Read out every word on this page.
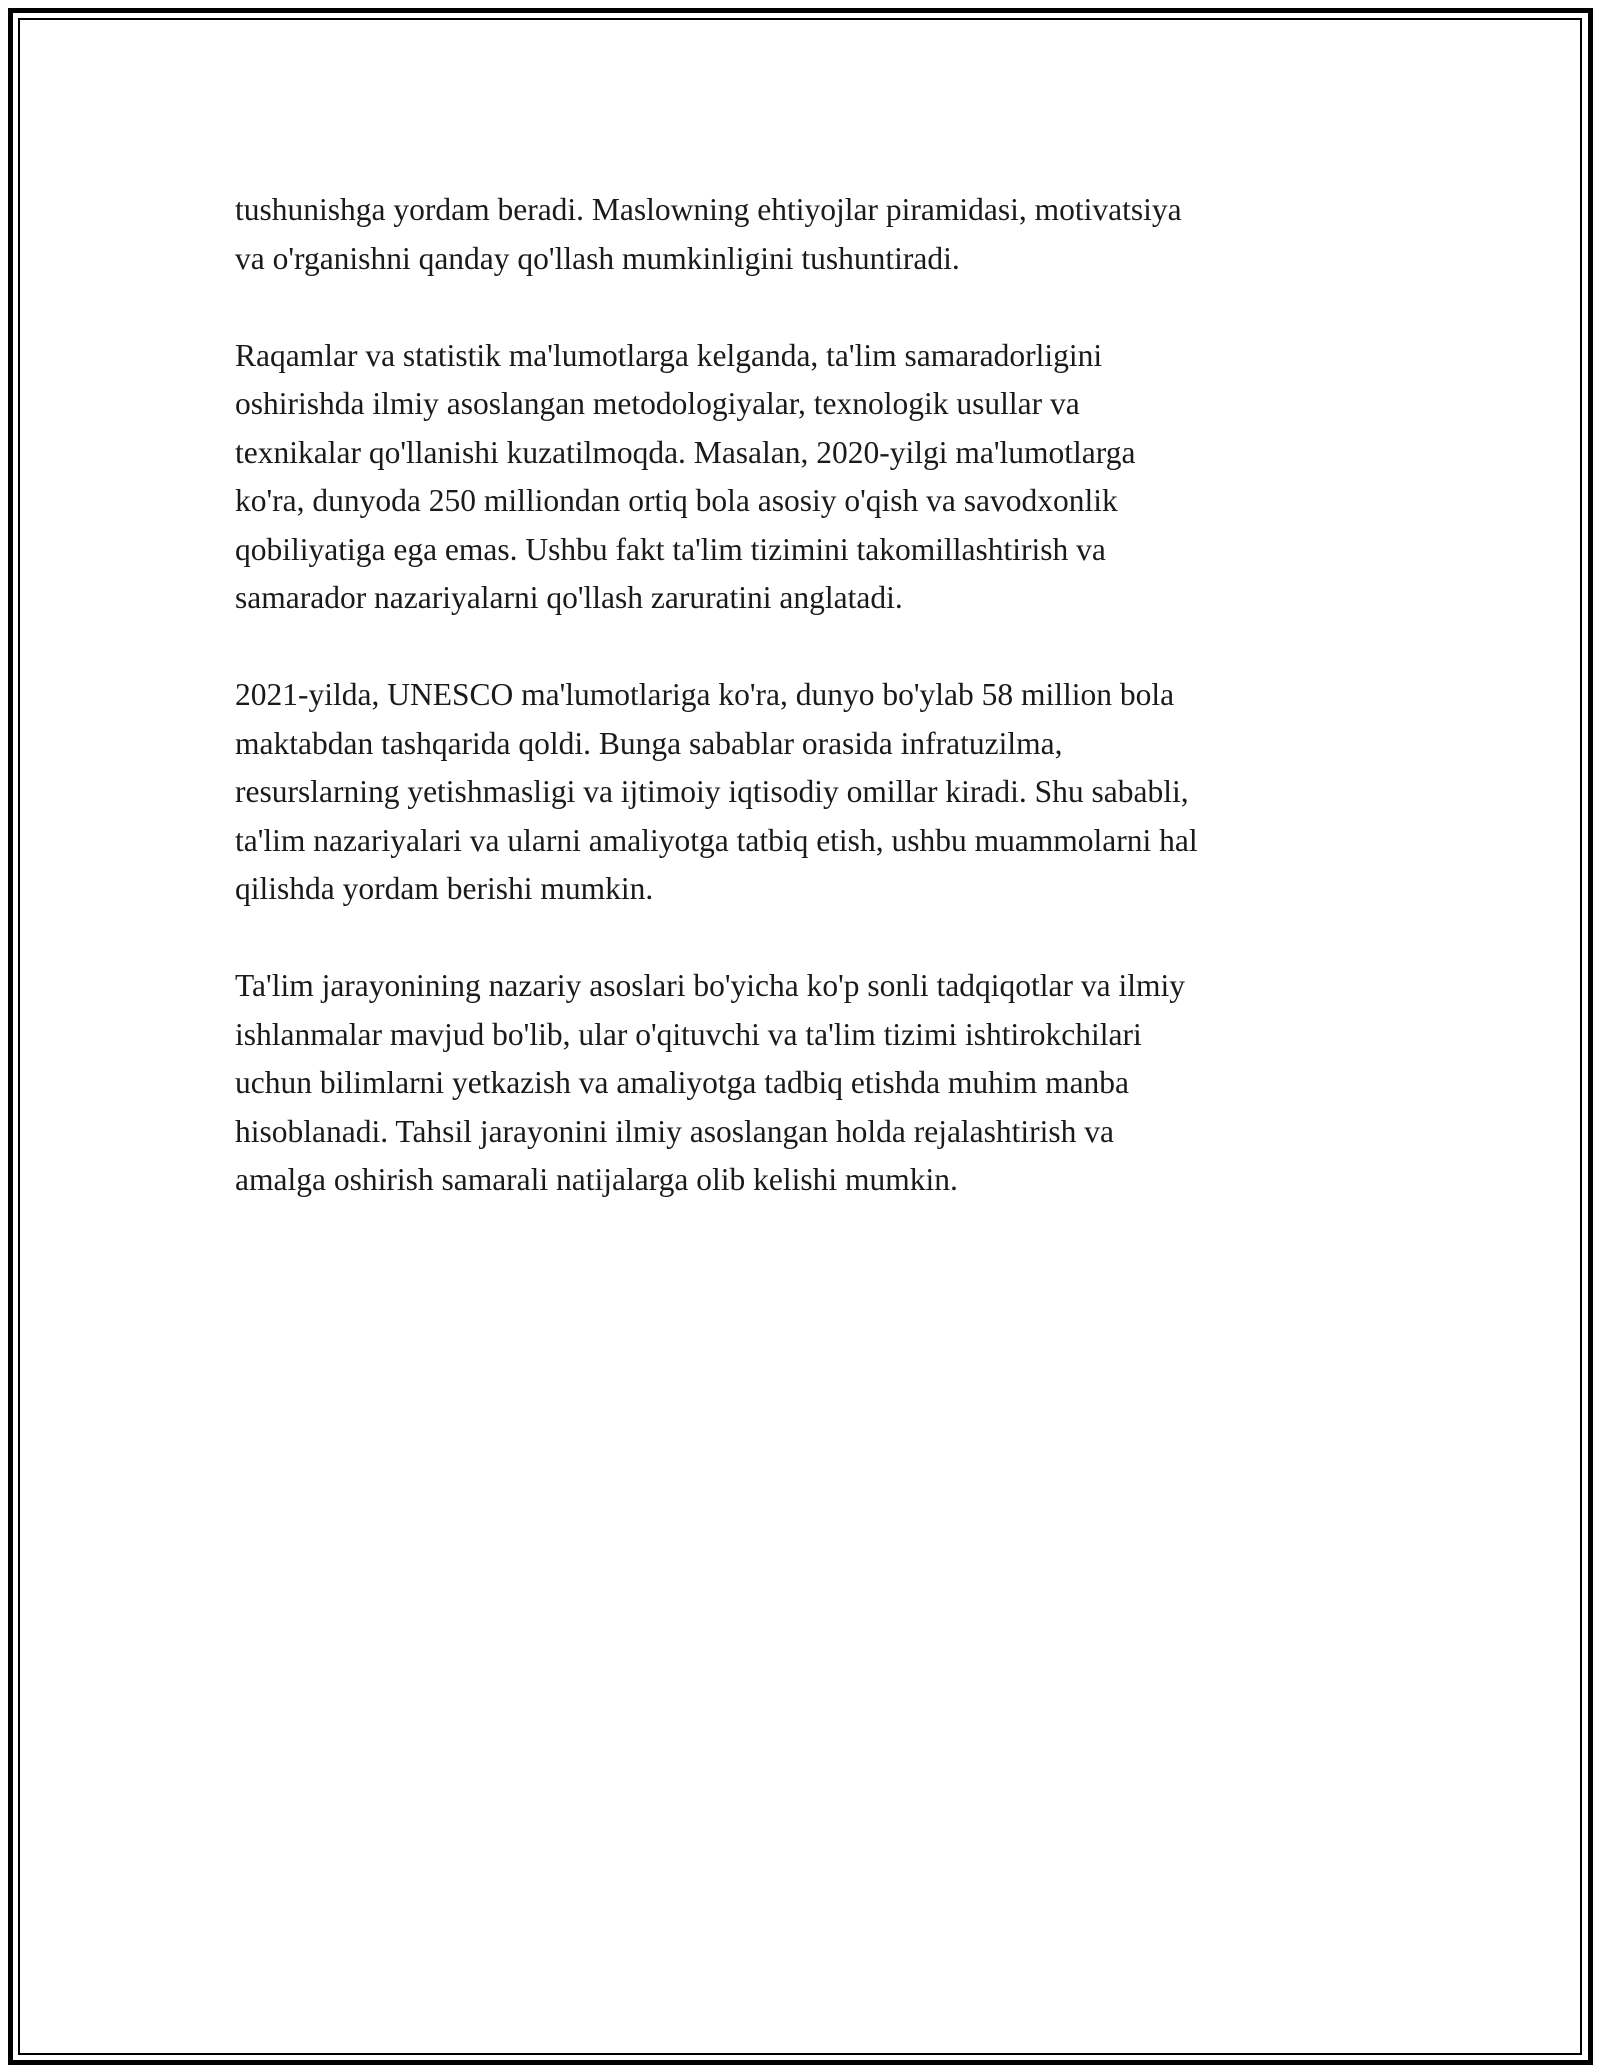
tushunishga yordam beradi. Maslowning ehtiyojlar piramidasi, motivatsiya
va o'rganishni qanday qo'llash mumkinligini tushuntiradi.

Raqamlar va statistik ma'lumotlarga kelganda, ta'lim samaradorligini
oshirishda ilmiy asoslangan metodologiyalar, texnologik usullar va
texnikalar qo'llanishi kuzatilmoqda. Masalan, 2020-yilgi ma'lumotlarga
ko'ra, dunyoda 250 milliondan ortiq bola asosiy o'qish va savodxonlik
qobiliyatiga ega emas. Ushbu fakt ta'lim tizimini takomillashtirish va
samarador nazariyalarni qo'llash zaruratini anglatadi.

2021-yilda, UNESCO ma'lumotlariga ko'ra, dunyo bo'ylab 58 million bola
maktabdan tashqarida qoldi. Bunga sabablar orasida infratuzilma,
resurslarning yetishmasligi va ijtimoiy iqtisodiy omillar kiradi. Shu sababli,
ta'lim nazariyalari va ularni amaliyotga tatbiq etish, ushbu muammolarni hal
qilishda yordam berishi mumkin.

Ta'lim jarayonining nazariy asoslari bo'yicha ko'p sonli tadqiqotlar va ilmiy
ishlanmalar mavjud bo'lib, ular o'qituvchi va ta'lim tizimi ishtirokchilari
uchun bilimlarni yetkazish va amaliyotga tadbiq etishda muhim manba
hisoblanadi. Tahsil jarayonini ilmiy asoslangan holda rejalashtirish va
amalga oshirish samarali natijalarga olib kelishi mumkin.
